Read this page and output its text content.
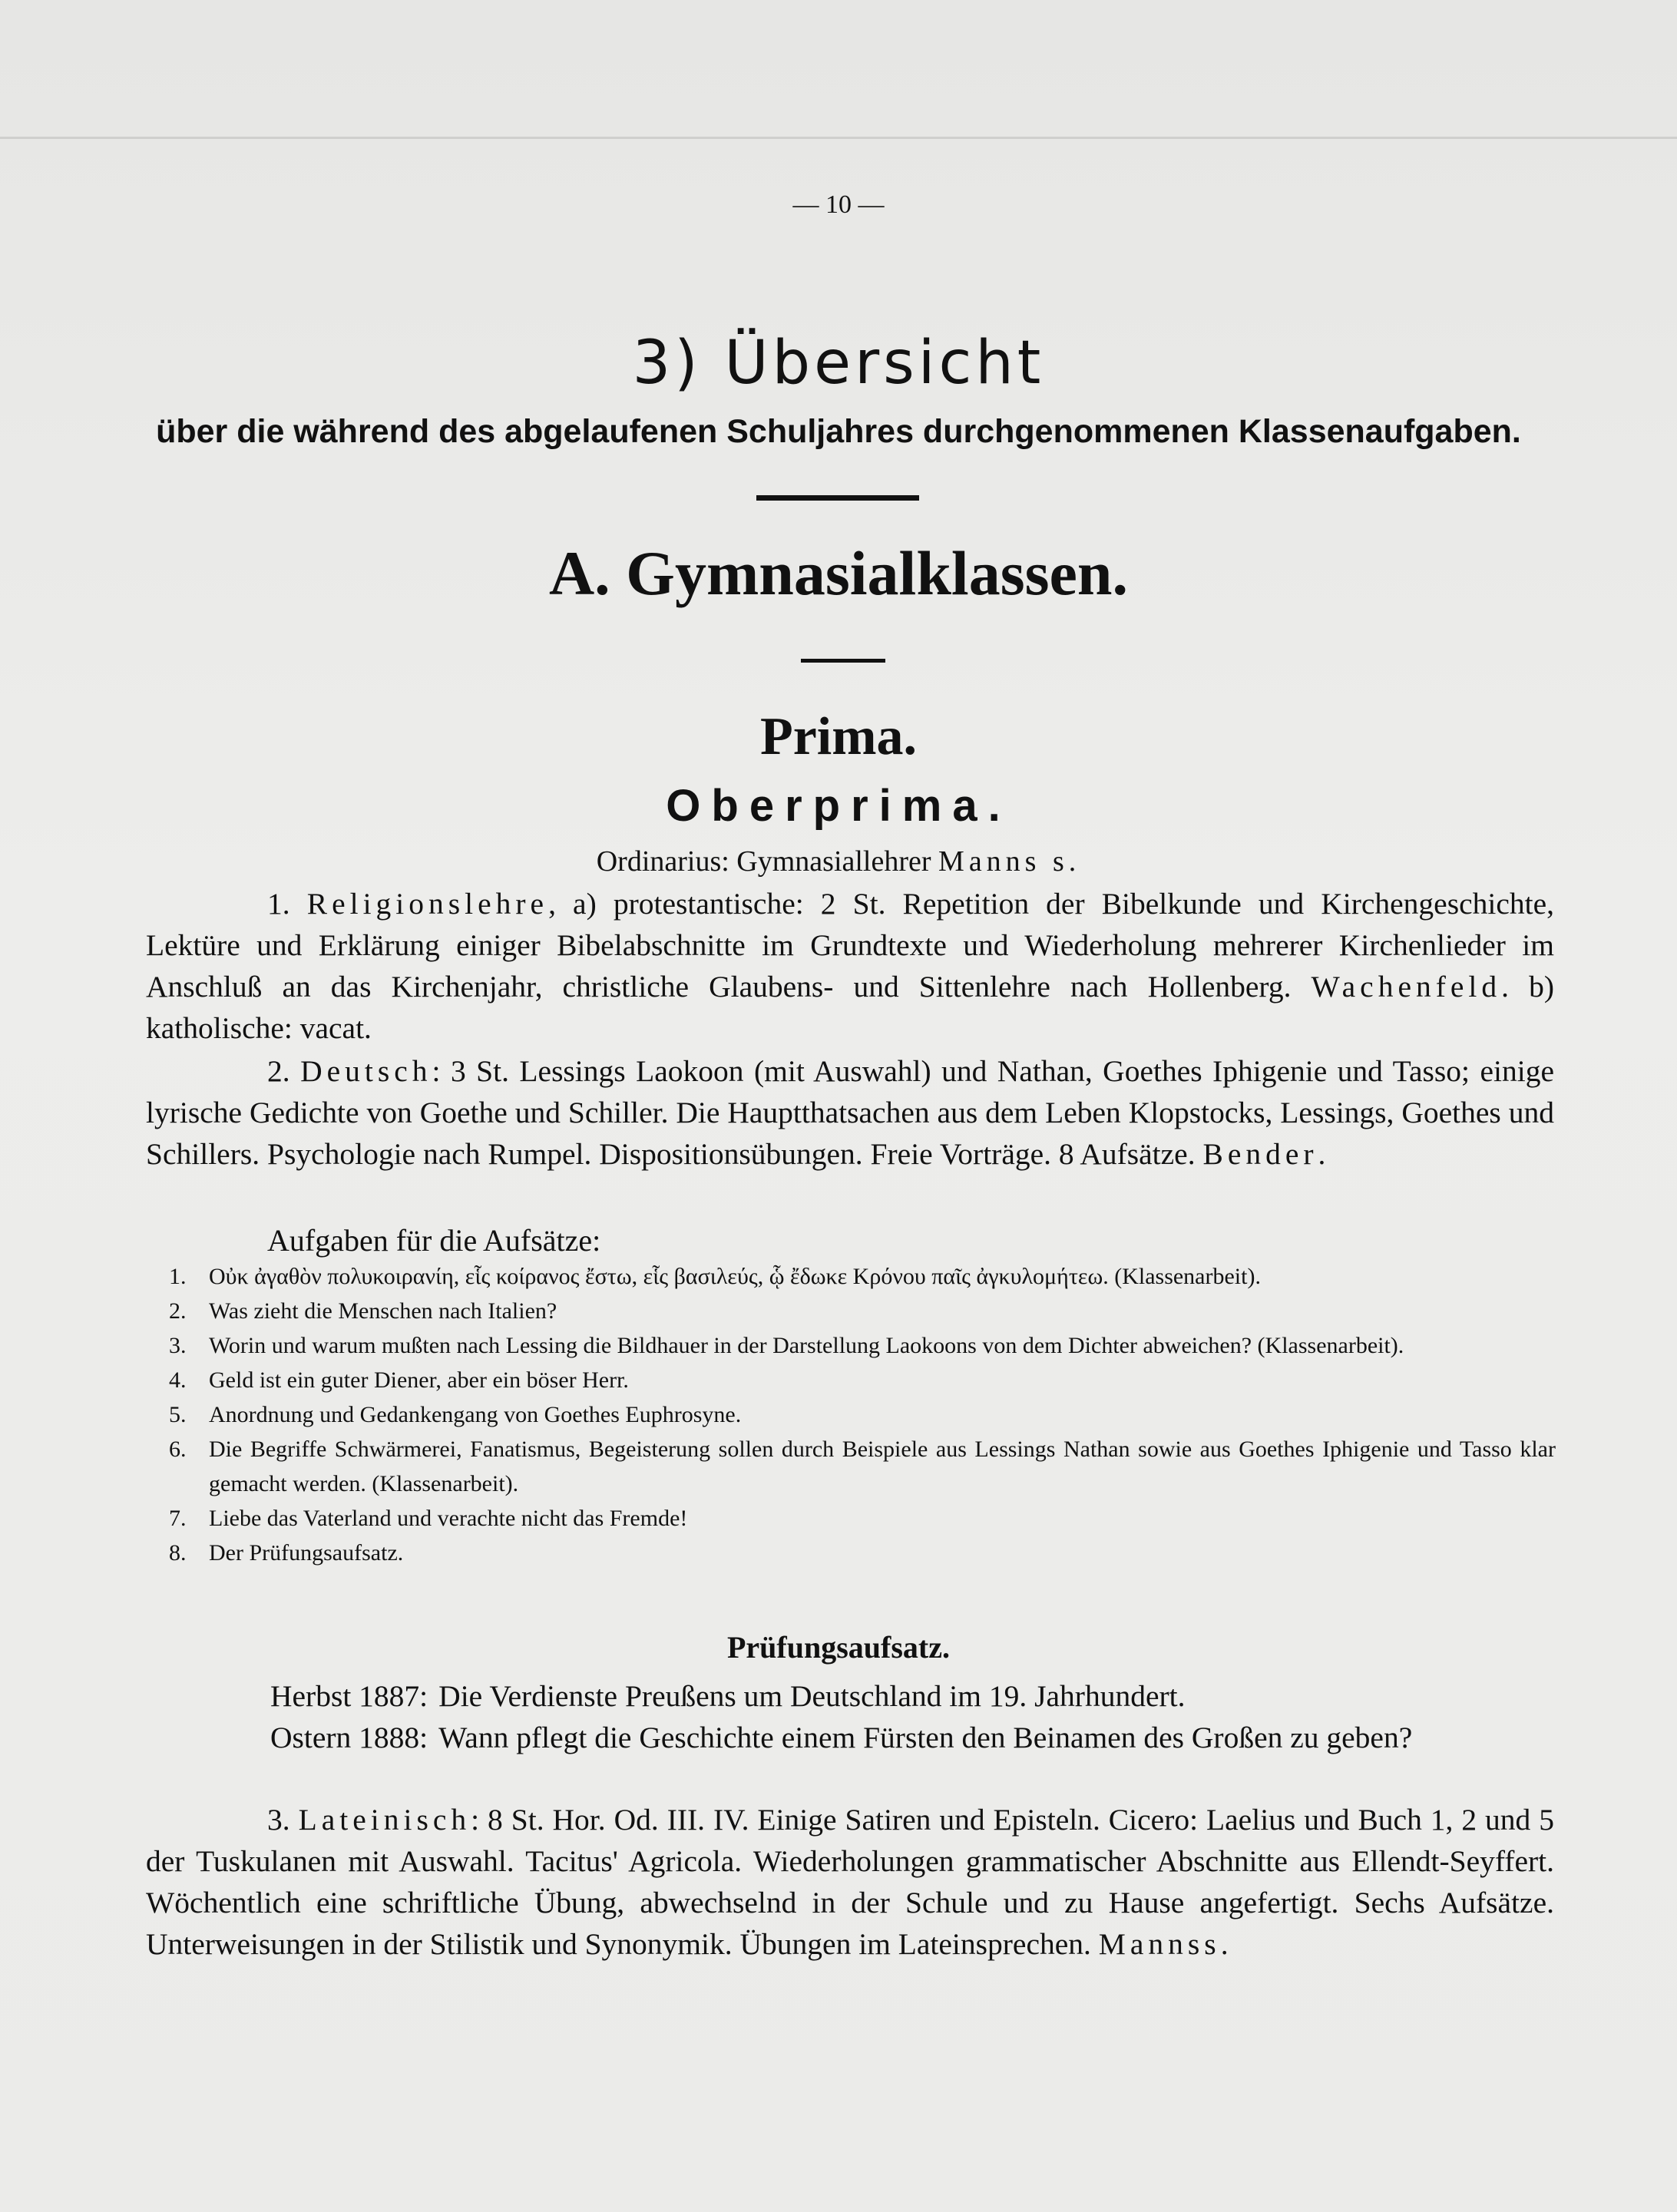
— 10 —
3) Übersicht
über die während des abgelaufenen Schuljahres durchgenommenen Klassenaufgaben.
A. Gymnasialklassen.
Prima.
Oberprima.
Ordinarius: Gymnasiallehrer Manns s.

1. Religionslehre, a) protestantische: 2 St. Repetition der Bibelkunde und Kirchengeschichte, Lektüre und Erklärung einiger Bibelabschnitte im Grundtexte und Wiederholung mehrerer Kirchenlieder im Anschluß an das Kirchenjahr, christliche Glaubens- und Sittenlehre nach Hollenberg. Wachenfeld. b) katholische: vacat.

2. Deutsch: 3 St. Lessings Laokoon (mit Auswahl) und Nathan, Goethes Iphigenie und Tasso; einige lyrische Gedichte von Goethe und Schiller. Die Hauptthatsachen aus dem Leben Klopstocks, Lessings, Goethes und Schillers. Psychologie nach Rumpel. Dispositionsübungen. Freie Vorträge. 8 Aufsätze. Bender.

Aufgaben für die Aufsätze:
1. Οὐκ ἀγαθὸν πολυκοιρανίη, εἷς κοίρανος ἔστω, εἷς βασιλεύς, ᾧ ἔδωκε Κρόνου παῖς ἀγκυλομήτεω. (Klassenarbeit).
2. Was zieht die Menschen nach Italien?
3. Worin und warum mußten nach Lessing die Bildhauer in der Darstellung Laokoons von dem Dichter abweichen? (Klassenarbeit).
4. Geld ist ein guter Diener, aber ein böser Herr.
5. Anordnung und Gedankengang von Goethes Euphrosyne.
6. Die Begriffe Schwärmerei, Fanatismus, Begeisterung sollen durch Beispiele aus Lessings Nathan sowie aus Goethes Iphigenie und Tasso klar gemacht werden. (Klassenarbeit).
7. Liebe das Vaterland und verachte nicht das Fremde!
8. Der Prüfungsaufsatz.
Prüfungsaufsatz.
Herbst 1887: Die Verdienste Preußens um Deutschland im 19. Jahrhundert.
Ostern 1888: Wann pflegt die Geschichte einem Fürsten den Beinamen des Großen zu geben?

3. Lateinisch: 8 St. Hor. Od. III. IV. Einige Satiren und Episteln. Cicero: Laelius und Buch 1, 2 und 5 der Tuskulanen mit Auswahl. Tacitus' Agricola. Wiederholungen grammatischer Abschnitte aus Ellendt-Seyffert. Wöchentlich eine schriftliche Übung, abwechselnd in der Schule und zu Hause angefertigt. Sechs Aufsätze. Unterweisungen in der Stilistik und Synonymik. Übungen im Lateinsprechen. Mannss.
